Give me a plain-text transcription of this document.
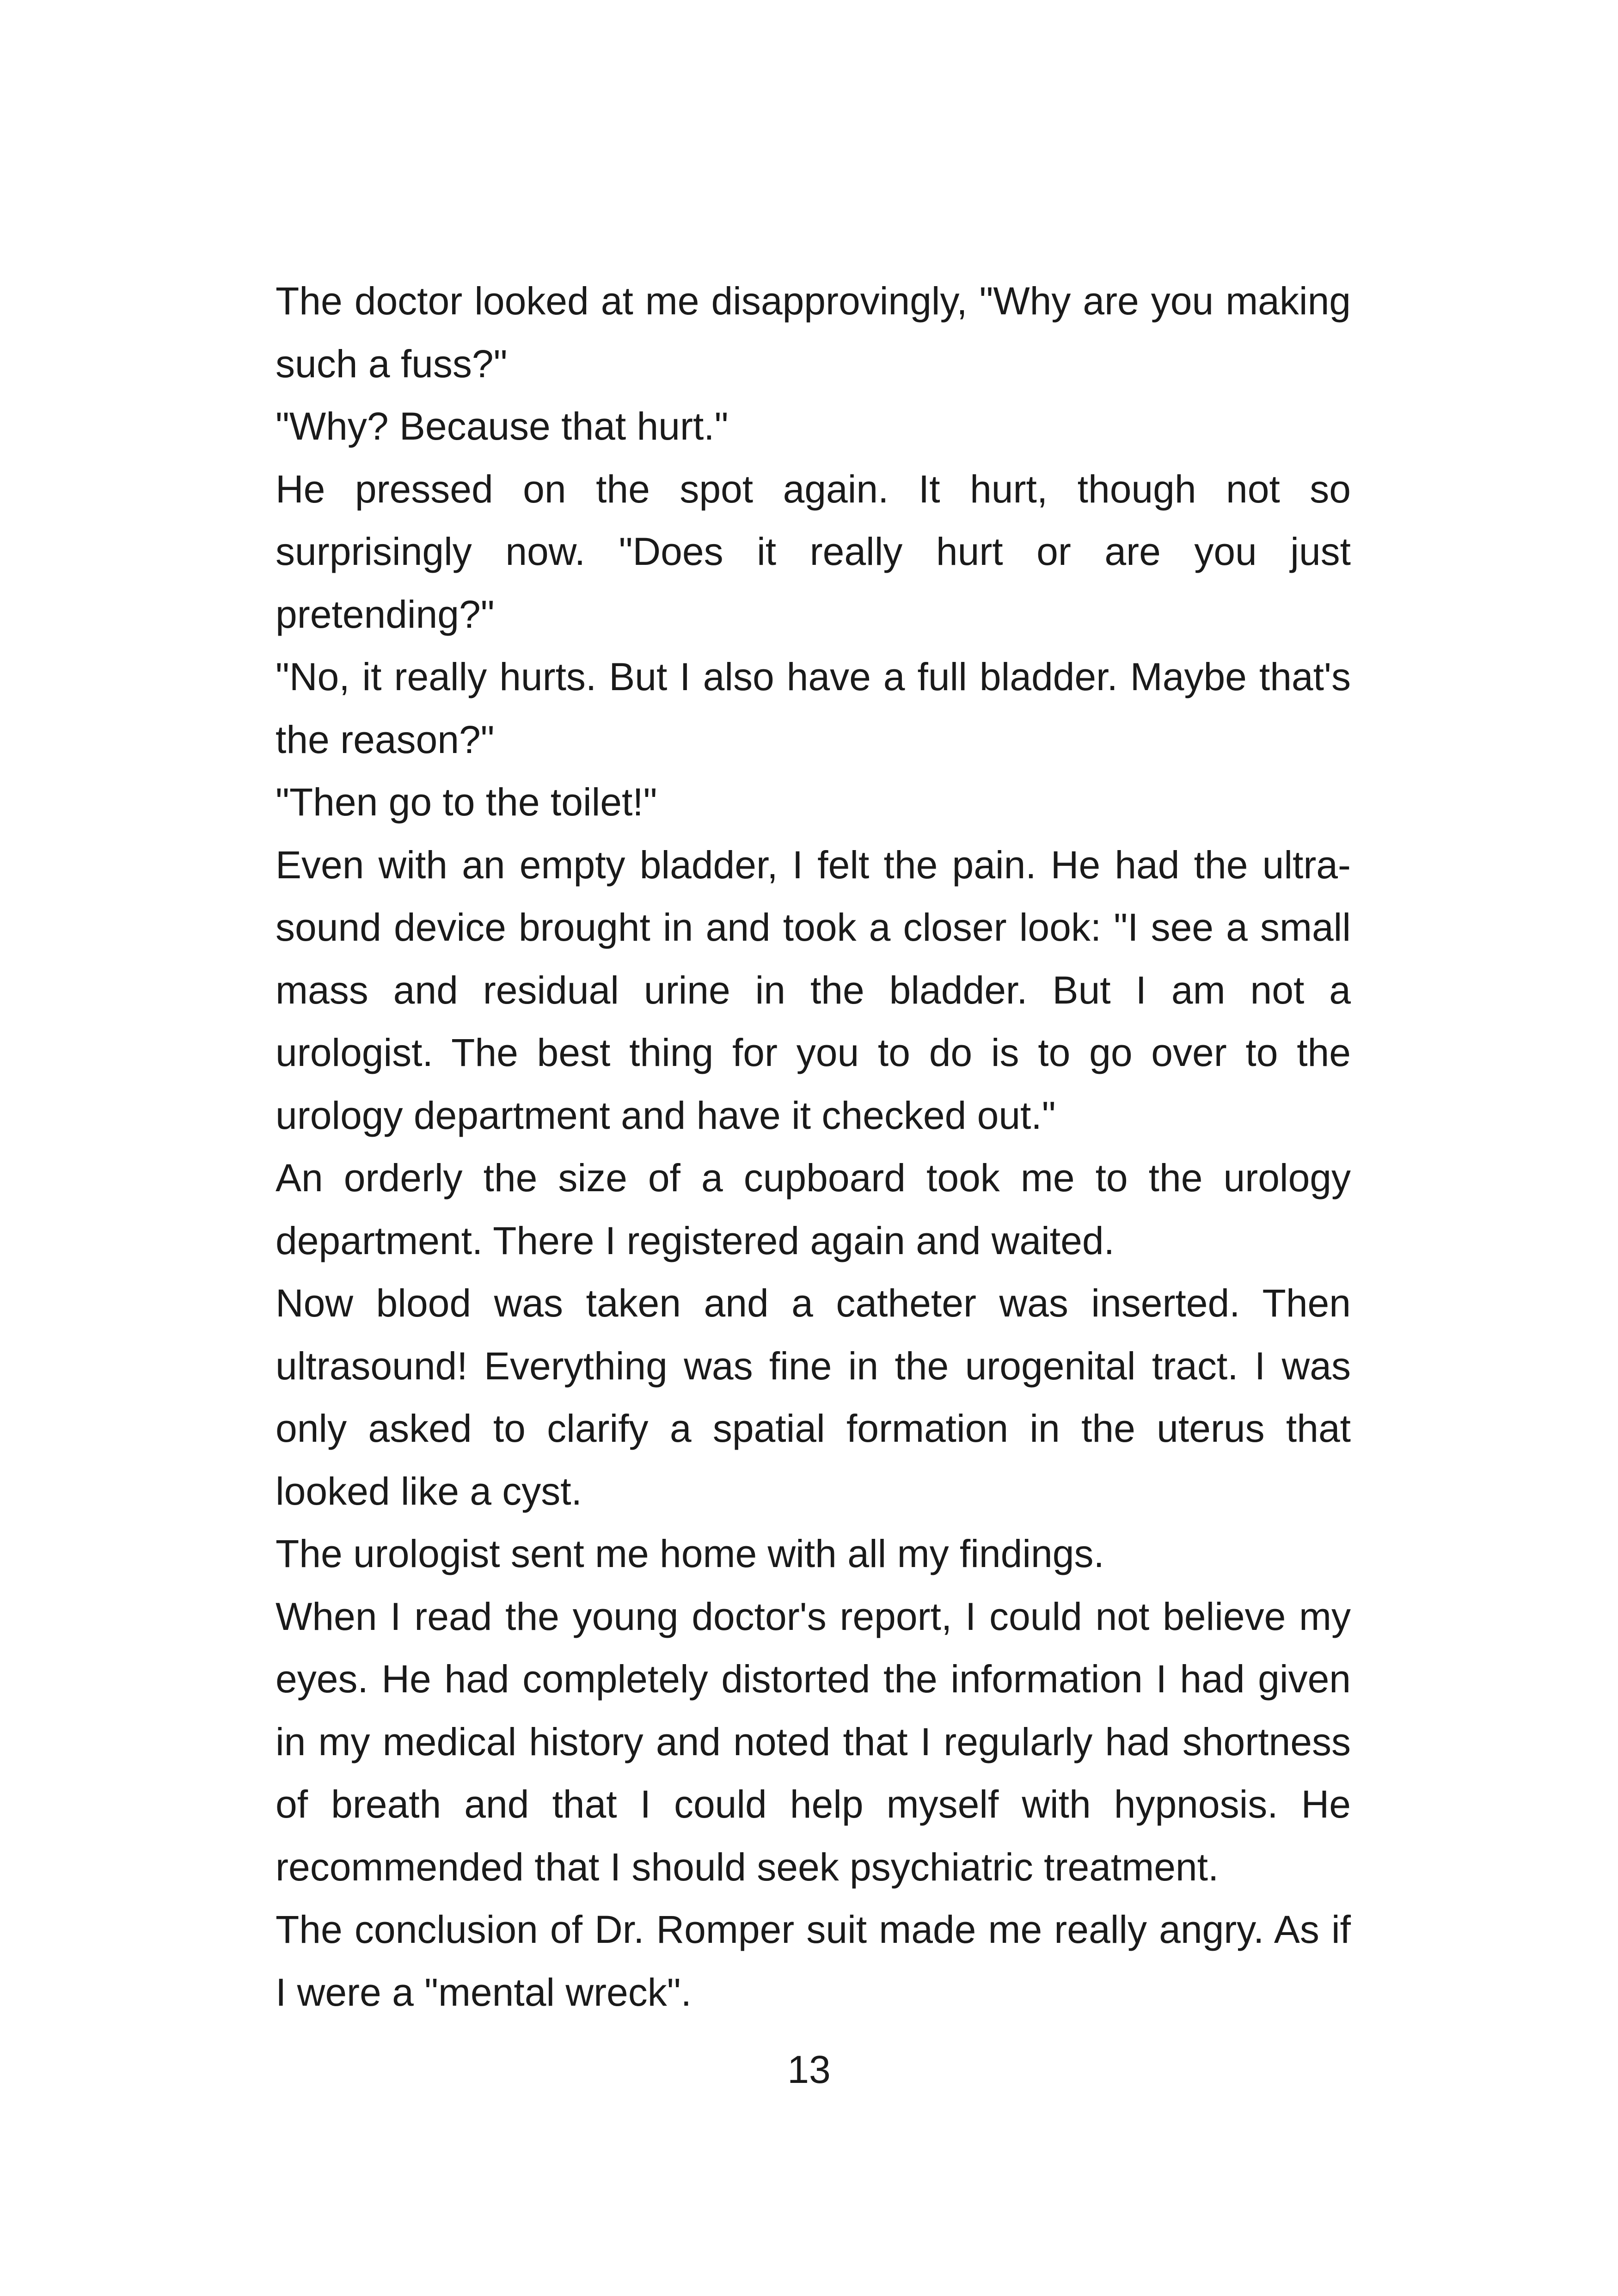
The doctor looked at me disapprovingly, "Why are you making such a fuss?"

"Why? Because that hurt."

He pressed on the spot again. It hurt, though not so surprisingly now. "Does it really hurt or are you just pretending?"

"No, it really hurts. But I also have a full bladder. Maybe that's the reason?"

"Then go to the toilet!"

Even with an empty bladder, I felt the pain. He had the ultra-sound device brought in and took a closer look: "I see a small mass and residual urine in the bladder. But I am not a urologist. The best thing for you to do is to go over to the urology department and have it checked out."

An orderly the size of a cupboard took me to the urology department. There I registered again and waited.

Now blood was taken and a catheter was inserted. Then ultrasound! Everything was fine in the urogenital tract. I was only asked to clarify a spatial formation in the uterus that looked like a cyst.

The urologist sent me home with all my findings.

When I read the young doctor's report, I could not believe my eyes. He had completely distorted the information I had given in my medical history and noted that I regularly had shortness of breath and that I could help myself with hypnosis. He recommended that I should seek psychiatric treatment.

The conclusion of Dr. Romper suit made me really angry. As if I were a "mental wreck".

13
